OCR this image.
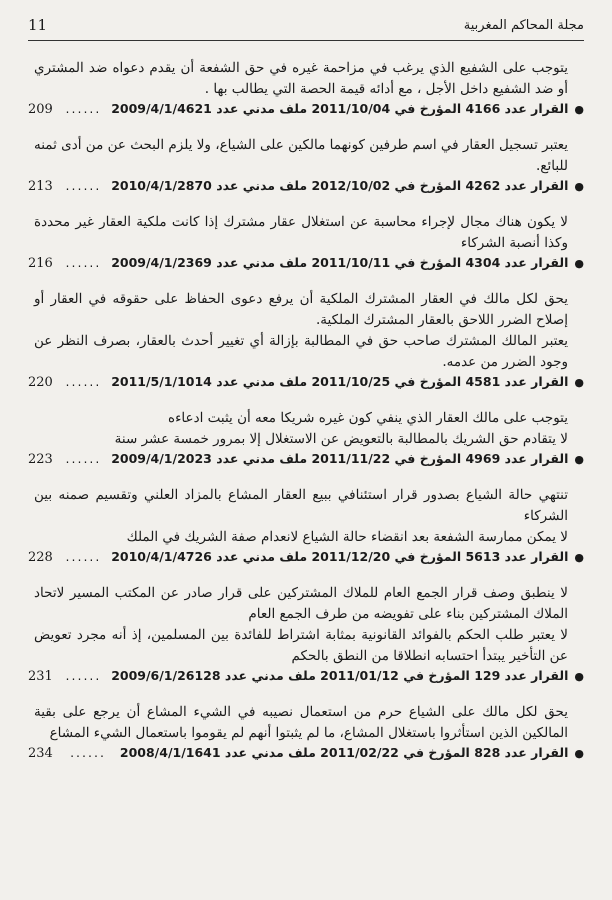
11	مجلة المحاكم المغربية

يتوجب على الشفيع الذي يرغب في مزاحمة غيره في حق الشفعة أن يقدم دعواه ضد المشتري أو ضد الشفيع داخل الأجل ، مع أدائه قيمة الحصة التي يطالب بها .

209	......	●القرار عدد 4166 المؤرخ في 2011/10/04 ملف مدني عدد 2009/4/1/4621

يعتبر تسجيل العقار في اسم طرفين كونهما مالكين على الشياع، ولا يلزم البحث عن من أدى ثمنه للبائع.

213	......	●القرار عدد 4262 المؤرخ في 2012/10/02 ملف مدني عدد 2010/4/1/2870

لا يكون هناك مجال لإجراء محاسبة عن استغلال عقار مشترك إذا كانت ملكية العقار غير محددة وكذا أنصبة الشركاء

216	......	●القرار عدد 4304 المؤرخ في 2011/10/11 ملف مدني عدد 2009/4/1/2369

يحق لكل مالك في العقار المشترك الملكية أن يرفع دعوى الحفاظ على حقوقه في العقار أو إصلاح الضرر اللاحق بالعقار المشترك الملكية.

يعتبر المالك المشترك صاحب حق في المطالبة بإزالة أي تغيير أحدث بالعقار، بصرف النظر عن وجود الضرر من عدمه.

220	......	●القرار عدد 4581 المؤرخ في 2011/10/25 ملف مدني عدد 2011/5/1/1014

يتوجب على مالك العقار الذي ينفي كون غيره شريكا معه أن يثبت ادعاءه

لا يتقادم حق الشريك بالمطالبة بالتعويض عن الاستغلال إلا بمرور خمسة عشر سنة

223	......	●القرار عدد 4969 المؤرخ في 2011/11/22 ملف مدني عدد 2009/4/1/2023

تنتهي حالة الشياع بصدور قرار استئنافي ببيع العقار المشاع بالمزاد العلني وتقسيم صمنه بين الشركاء

لا يمكن ممارسة الشفعة بعد انقضاء حالة الشياع لانعدام صفة الشريك في الملك

228	......	●القرار عدد 5613 المؤرخ في 2011/12/20 ملف مدني عدد 2010/4/1/4726

لا ينطبق وصف قرار الجمع العام للملاك المشتركين على قرار صادر عن المكتب المسير لاتحاد الملاك المشتركين بناء على تفويضه من طرف الجمع العام

لا يعتبر طلب الحكم بالفوائد القانونية بمثابة اشتراط للفائدة بين المسلمين، إذ أنه مجرد تعويض عن التأخير يبتدأ احتسابه انطلاقا من النطق بالحكم

231	......	●القرار عدد 129 المؤرخ في 2011/01/12 ملف مدني عدد 2009/6/1/26128

يحق لكل مالك على الشياع حرم من استعمال نصيبه في الشيء المشاع أن يرجع على بقية المالكين الذين استأثروا باستغلال المشاع، ما لم يثبتوا أنهم لم يقوموا باستعمال الشيء المشاع

234	......	●القرار عدد 828 المؤرخ في 2011/02/22 ملف مدني عدد 2008/4/1/1641
